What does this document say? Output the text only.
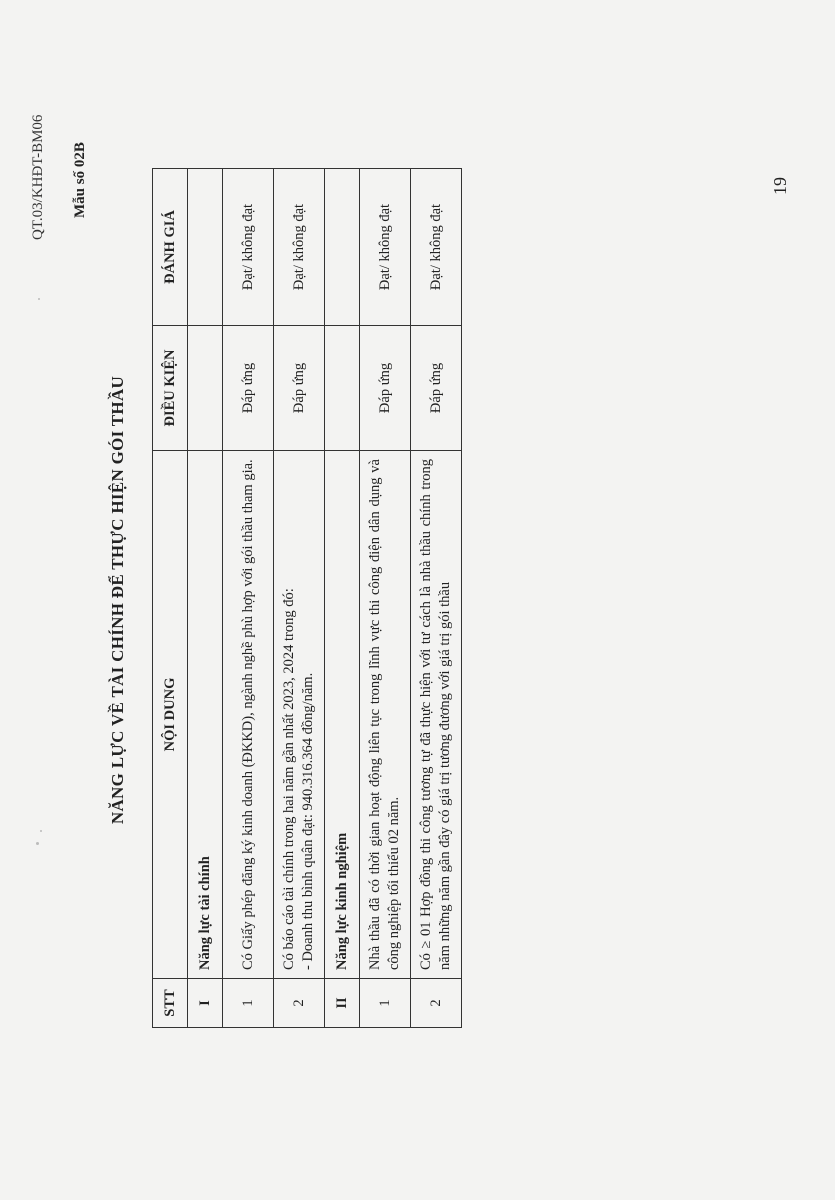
QT.03/KHĐT-BM06 Mẫu số 02B
NĂNG LỰC VỀ TÀI CHÍNH ĐỂ THỰC HIỆN GÓI THẦU
STT	NỘI DUNG	ĐIỀU KIỆN	ĐÁNH GIÁ
I	Năng lực tài chính		
1	Có Giấy phép đăng ký kinh doanh (ĐKKD), ngành nghề phù hợp với gói thầu tham gia.	Đáp ứng	Đạt/ không đạt
2	Có báo cáo tài chính trong hai năm gần nhất 2023, 2024 trong đó: - Doanh thu bình quân đạt: 940.316.364 đồng/năm.	Đáp ứng	Đạt/ không đạt
II	Năng lực kinh nghiệm		
1	Nhà thầu đã có thời gian hoạt động liên tục trong lĩnh vực thi công điện dân dụng và công nghiệp tối thiểu 02 năm.	Đáp ứng	Đạt/ không đạt
2	Có ≥ 01 Hợp đồng thi công tương tự đã thực hiện với tư cách là nhà thầu chính trong năm những năm gần đây có giá trị tương đương với giá trị gói thầu	Đáp ứng	Đạt/ không đạt
19
